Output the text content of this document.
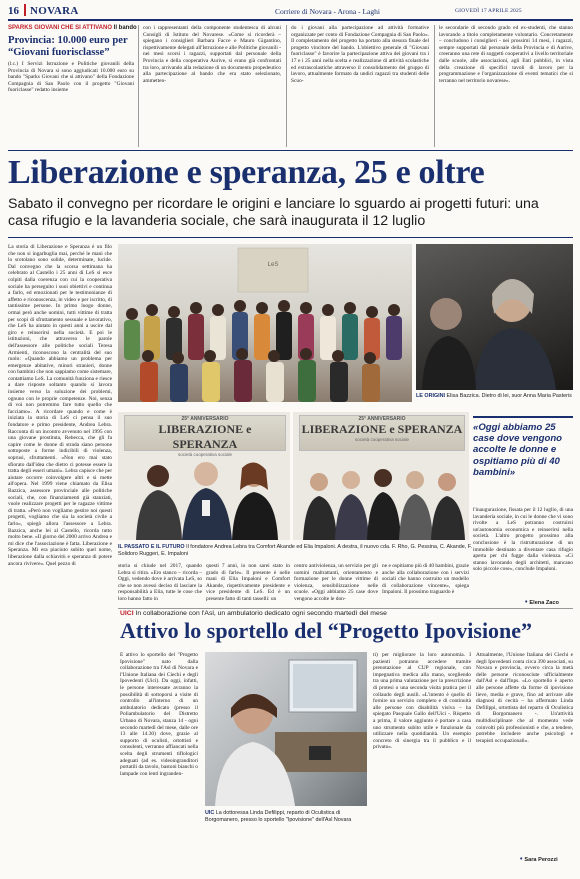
16 NOVARA	Corriere di Novara - Arona - Laghi	GIOVEDÌ 17 APRILE 2025
SPARKS GIOVANI CHE SI ATTIVANO Il bando
Provincia: 10.000 euro per “Giovani fuorisclasse”
(l.c.) I Servizi Istruzione e Politiche giovanili della Provincia di Novara si sono aggiudicati 10.000 euro su bando "Sparks Giovani che si attivano" della Fondazione Compagnia di San Paolo con il progetto "Giovani fuoriclasse" redatto insieme
con i rappresentanti della componente studentesca di alcuni Consigli di Istituto del Novarese. «Come si ricorderà – spiegano i consiglieri Barbara Facce e Mauro Gigantino, rispettivamente delegati all'Istruzione e alle Politiche giovanili - nei mesi scorsi i ragazzi, supportati dal personale della Provincia e della cooperativa Aurive, si erano già confrontati tra loro, arrivando alla redazione di un documento propedeutico alla partecipazione al bando che era stato selezionato, ammetten-
do i giovani alla partecipazione ad attività formative organizzate per conto di Fondazione Compagnia di San Paolo». Il completamento del progetto ha portato alla stesura finale del progetto vincitore del bando. L'obiettivo generale di "Giovani fuoriclasse" è favorire la partecipazione attiva dei giovani tra i 17 e i 25 anni nella scelta e realizzazione di attività scolastiche ed extrascolastiche attraverso il consolidamento del gruppo di lavoro, attualmente formato da undici ragazzi tra studenti delle Scuo-
le secondarie di secondo grado ed ex-studenti, che stanno lavorando a titolo completamente volontario. Concretamente – concludono i consiglieri - nei prossimi 14 mesi, i ragazzi, sempre supportati dal personale della Provincia e di Aurive, creeranno una rete di soggetti cooperativi a livello territoriale dalle scuole, alle associazioni, agli Enti pubblici, in vista della creazione di specifici tavoli di lavoro per la programmazione e l'organizzazione di eventi tematici che si terranno nel territorio novarese».
Liberazione e speranza, 25 e oltre
Sabato il convegno per ricordare le origini e lanciare lo sguardo ai progetti futuri: una casa rifugio e la lavanderia sociale, che sarà inaugurata il 12 luglio
La storia di Liberazione e Speranza è un filo che non si ingarbuglia mai, perché le mani che lo srotolano sono solide, determinate, lucide. Dal convegno che la scorsa settimana ha celebrato al Castello i 25 anni di LeS si esce colpiti dalla coerenza con cui la cooperativa sociale ha perseguito i suoi obiettivi e continua a farlo, ed emozionati per le testimonianze di affetto e riconoscenza, in video e per iscritto, di tantissime persone. In primo luogo donne, ormai però anche uomini, tutti vittime di tratta per scopi di sfruttamento sessuale e lavorativo, che LeS ha aiutato in questi anni a uscire dal giro e reinserirsi nella società. E poi le istituzioni, che attraverso le parole dell'assessore alle politiche sociali Teresa Armienti, riconoscono la centralità del suo ruolo: «Quando abbiamo un problema per emergenze abitative, minori stranieri, donne con bambini che non sappiamo come sistemare, contattiamo LeS. La comunità funziona e riesce a dare risposte soltanto quando si lavora insieme verso la soluzione dei problemi, ognuno con le proprie competenze. Noi, senza di voi non potremmo fare tutto quello che facciamo». A ricordare quando e come è iniziata la storia di LeS ci pensa il suo fondatore e primo presidente, Andrea Lebra. Racconta di un incontro avvenuto nel 1995 con una giovane prostituta, Rebecca, che gli fa capire come le donne di strada siano persone sottoposte a forme indicibili di violenza, soprusi, sfruttamenti. «Non ero mai stato sfiorato dall'idea che dietro ci potesse essere la tratta degli esseri umani». Lebra capisce che per aiutare occorre coinvolgere altri e si mette all'opera. Nel 1999 viene chiamato da Elisa Bazzica, assessore provinciale alle politiche sociali, che, con finanziamenti già stanziati, vuole realizzare progetti per le ragazze vittime di tratta. «Però non vogliamo gestire noi questi progetti, vogliamo che sia la società civile a farlo», spiegò allora l'assessore a Lebra. Bazzica, anche lei al Castello, ricorda tutto molto bene. «Il giorno del 2000 arrivo Andrea e mi dice che l'associazione è fatta. Liberazione e Speranza. Mi era piaciuto subito quel nome, liberazione dalla schiavitù e speranza di potere ancora rivivere». Quel pezzo di
LeS
LE ORIGINI Elisa Bazzica. Dietro di lei, suor Anna Maria Pasteris
25° ANNIVERSARIO
LIBERAZIONE e SPERANZA
società cooperativa sociale
25° ANNIVERSARIO
LIBERAZIONE e SPERANZA
società cooperativa sociale
IL PASSATO E IL FUTURO Il fondatore Andrea Lebra tra Comfort Akande ed Elia Impaloni. A destra, il nuovo cda. F. Rho, G. Pessina, C. Akande, F. Solidoro Ruggeri, E. Impaloni
«Oggi abbiamo 25 case dove vengono accolte le donne e ospitiamo più di 40 bambini»
storia si chiude nel 2017, quando Lebra si ritira. «Ero stanco – ricorda – Oggi, vedendo dove è arrivata LeS, so che se non avessi deciso di lasciare la responsabilità a Elia, tutte le cose che loro hanno fatto in
questi 7 anni, io non sarei stato in grado di farle». Il presente è nelle mani di Elia Impaloni e Comfort Akande, rispettivamente presidente e vice presidente di LeS. Ed è un presente fatto di tanti tasselli: un
centro antiviolenza, un servizio per gli uomini maltrattanti, orientamento e formazione per le donne vittime di violenza, sensibilizzazione nelle scuole. «Oggi abbiamo 25 case dove vengono accolte le don-
ne e ospitiamo più di 40 bambini, grazie anche alla collaborazione con i servizi sociali che hanno costruito un modello di collaborazione vincente», spiega Impaloni. Il prossimo traguardo è
l'inaugurazione, fissata per il 12 luglio, di una lavanderia sociale, in cui le donne che vi sono rivolte a LeS potranno costruirsi un'autonomia economica e reinserirsi nella società. L'altro progetto prossimo alla conclusione è la ristrutturazione di un immobile destinato a diventare casa rifugio aperta per chi fugge dalla violenza. «Ci stanno lavorando degli architetti, mancano solo piccole cose», conclude Impaloni.
• Elena Zaco
UICI In collaborazione con l'Asl, un ambulatorio dedicato ogni secondo martedì del mese
Attivo lo sportello del “Progetto Ipovisione”
È attivo lo sportello del "Progetto Ipovisione" nato dalla collaborazione tra l'Asl di Novara e l'Unione Italiana dei Ciechi e degli Ipovedenti (Uici). Da oggi, infatti, le persone interessate avranno la possibilità di sottoporsi a visite di controllo all'interno di un ambulatorio dedicato (presso il Poliambulatorio del Distretto Urbano di Novara, stanza 14 - ogni secondo martedì del mese, dalle ore 13 alle 14.30) dove, grazie al supporto di oculisti, ortottisti e consulenti, verranno affiancati nella scelta degli strumenti tiflologici adeguati (ad es. videoingranditori portatili da tavolo, bastoni bianchi o lampade con lenti ingranden-
UIC La dottoressa Linda Defilippi, reparto di Oculistica di Borgomanero, presso lo sportello "Ipovisione" dell'Asl Novara
ti) per migliorare la loro autonomia. I pazienti potranno accedere tramite prenotazione al CUP regionale, con impegnativa medica alla mano, scegliendo tra una prima valutazione per la prescrizione di protesi o una seconda visita pratica per il collaudo degli ausili. «L'intento è quello di fornire un servizio completo e di continuità alle persone con disabilità visiva – ha spiegato Pasquale Gallo dell'Uici -. Rispetto a prima, il valore aggiunto è portare a casa uno strumento subito utile e funzionale da utilizzare nella quotidianità. Un esempio concreto di sinergia tra il pubblico e il privato».
Attualmente, l'Unione Italiana dei Ciechi e degli Ipovedenti conta circa 390 associati, su Novara e provincia, ovvero circa la metà delle persone riconosciute ufficialmente dall'Asl e dall'Inps. «Lo sportello è aperto alle persone affette da forme di ipovisione lieve, media e grave, fino ad arrivare alle diagnosi di cecità – ha affermato Linda Defilippi, ortottista del reparto di Oculistica di Borgomanero -. Un'attività multidisciplinare che al momento vede coinvolti più professionisti e che, a tendere, potrebbe includere anche psicologi e terapisti occupazionali».
• Sara Perozzi
